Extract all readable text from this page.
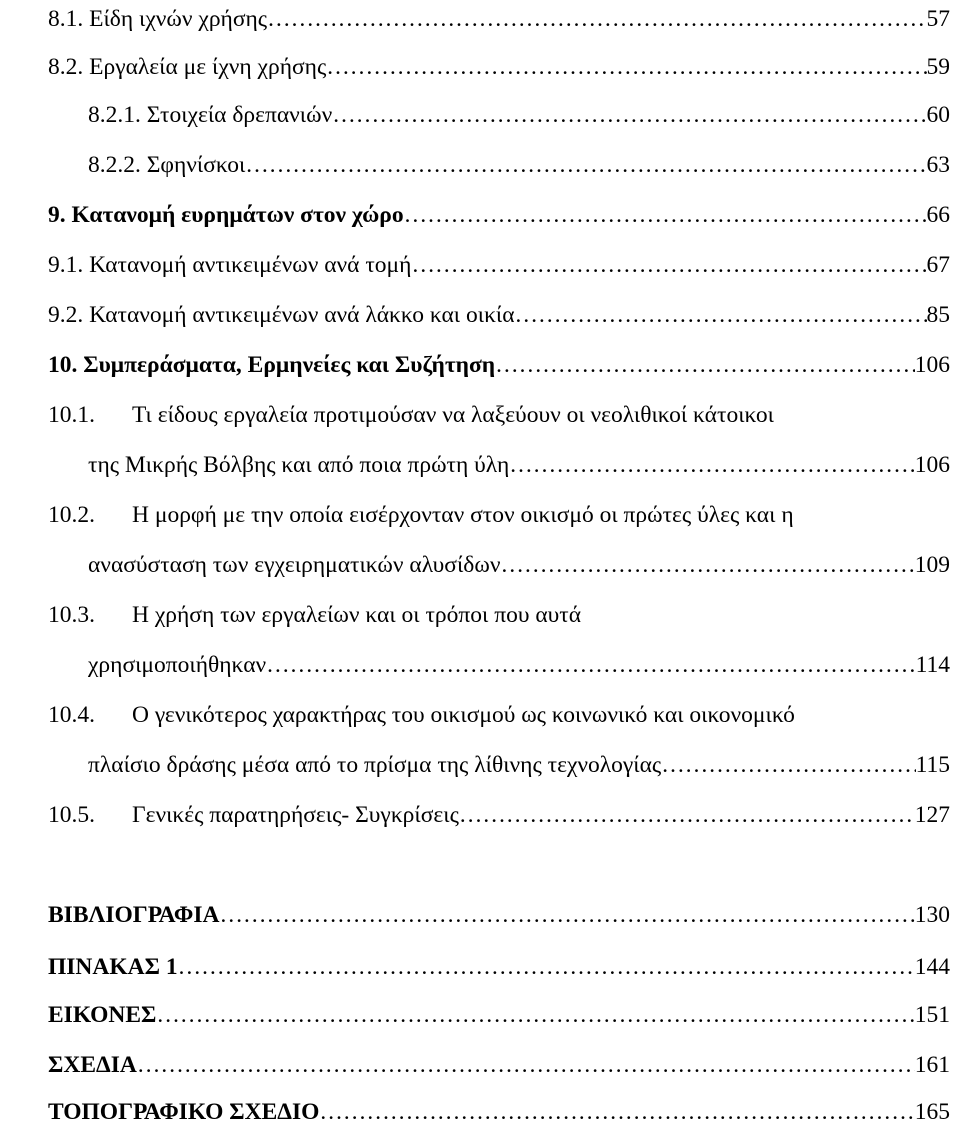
8.1. Είδη ιχνών χρήσης …………………………………………………………………………………………………………………………………………	57
8.2. Εργαλεία με ίχνη χρήσης …………………………………………………………………………………………………………………………………………	59
8.2.1. Στοιχεία δρεπανιών …………………………………………………………………………………………………………………………………………	60
8.2.2. Σφηνίσκοι …………………………………………………………………………………………………………………………………………	63
9. Κατανομή ευρημάτων στον χώρο …………………………………………………………………………………………………………………………………………	66
9.1. Κατανομή αντικειμένων ανά τομή …………………………………………………………………………………………………………………………………………	67
9.2. Κατανομή αντικειμένων ανά λάκκο και οικία …………………………………………………………………………………………………………………………………………	85
10. Συμπεράσματα, Ερμηνείες και Συζήτηση …………………………………………………………………………………………………………………………………………	106
10.1.	Τι είδους εργαλεία προτιμούσαν να λαξεύουν οι νεολιθικοί κάτοικοι
της Μικρής Βόλβης και από ποια πρώτη ύλη …………………………………………………………………………………………………………………………………………	106
10.2.	Η μορφή με την οποία εισέρχονταν στον οικισμό οι πρώτες ύλες και η
ανασύσταση των εγχειρηματικών αλυσίδων …………………………………………………………………………………………………………………………………………	109
10.3.	Η χρήση των εργαλείων και οι τρόποι που αυτά
χρησιμοποιήθηκαν …………………………………………………………………………………………………………………………………………	114
10.4.	Ο γενικότερος χαρακτήρας του οικισμού ως κοινωνικό και οικονομικό
πλαίσιο δράσης μέσα από το πρίσμα της λίθινης τεχνολογίας …………………………………………………………………………………………………………………………………………	115
10.5.	Γενικές παρατηρήσεις- Συγκρίσεις …………………………………………………………………………………………………………………………………………	127
ΒΙΒΛΙΟΓΡΑΦΙΑ …………………………………………………………………………………………………………………………………………	130
ΠΙΝΑΚΑΣ 1 …………………………………………………………………………………………………………………………………………	144
ΕΙΚΟΝΕΣ …………………………………………………………………………………………………………………………………………	151
ΣΧΕΔΙΑ …………………………………………………………………………………………………………………………………………	161
ΤΟΠΟΓΡΑΦΙΚΟ ΣΧΕΔΙΟ …………………………………………………………………………………………………………………………………………	165
